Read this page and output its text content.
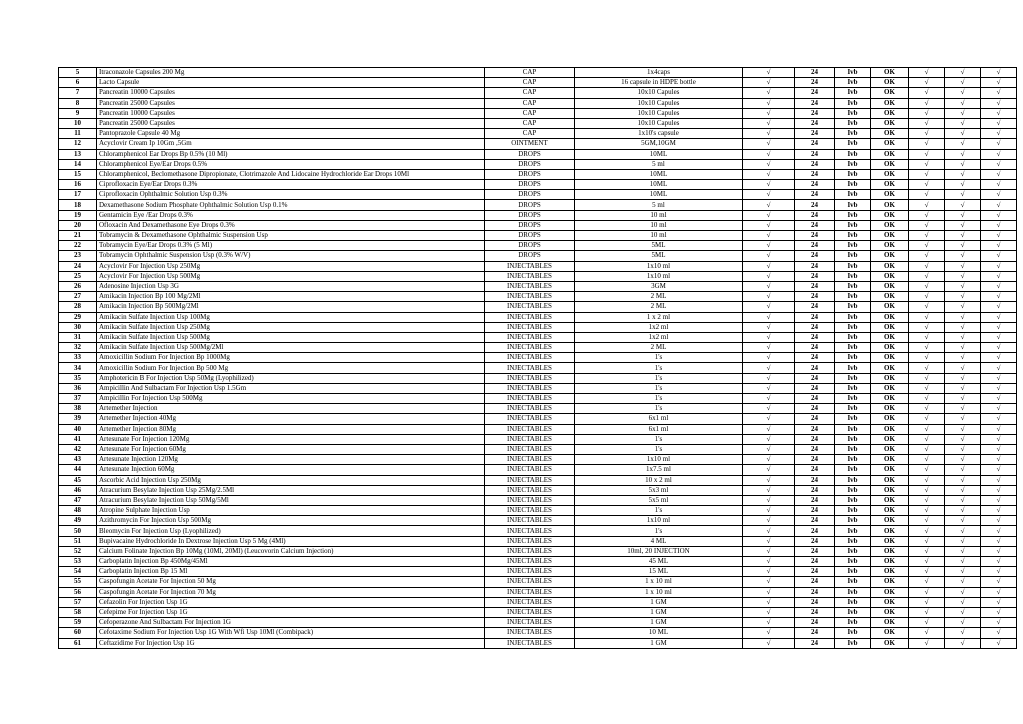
5	Itraconazole Capsules 200 Mg	CAP	1x4caps	√	24	Ivb	OK	√	√	√
6	Lacto Capsule	CAP	16 capsule in HDPE bottle	√	24	Ivb	OK	√	√	√
7	Pancreatin 10000 Capsules	CAP	10x10 Capules	√	24	Ivb	OK	√	√	√
8	Pancreatin 25000 Capsules	CAP	10x10 Capules	√	24	Ivb	OK	√	√	√
9	Pancreatin 10000 Capsules	CAP	10x10 Capules	√	24	Ivb	OK	√	√	√
10	Pancreatin 25000 Capsules	CAP	10x10 Capules	√	24	Ivb	OK	√	√	√
11	Pantoprazole Capsule 40 Mg	CAP	1x10's capsule	√	24	Ivb	OK	√	√	√
12	Acyclovir Cream Ip 10Gm ,5Gm	OINTMENT	5GM,10GM	√	24	Ivb	OK	√	√	√
13	Chloramphenicol Ear Drops Bp 0.5% (10 Ml)	DROPS	10ML	√	24	Ivb	OK	√	√	√
14	Chloramphenicol Eye/Ear Drops 0.5%	DROPS	5 ml	√	24	Ivb	OK	√	√	√
15	Chloramphenicol, Beclomethasone Dipropionate, Clotrimazole And Lidocaine Hydrochloride Ear Drops 10Ml	DROPS	10ML	√	24	Ivb	OK	√	√	√
16	Ciprofloxacin Eye/Ear Drops 0.3%	DROPS	10ML	√	24	Ivb	OK	√	√	√
17	Ciprofloxacin Ophthalmic Solution Usp 0.3%	DROPS	10ML	√	24	Ivb	OK	√	√	√
18	Dexamethasone Sodium Phosphate Ophthalmic Solution Usp 0.1%	DROPS	5 ml	√	24	Ivb	OK	√	√	√
19	Gentamicin Eye /Ear Drops 0.3%	DROPS	10 ml	√	24	Ivb	OK	√	√	√
20	Ofloxacin And Dexamethasone Eye Drops 0.3%	DROPS	10 ml	√	24	Ivb	OK	√	√	√
21	Tobramycin & Dexamethasone Ophthalmic Suspension Usp	DROPS	10 ml	√	24	Ivb	OK	√	√	√
22	Tobramycin Eye/Ear Drops 0.3% (5 Ml)	DROPS	5ML	√	24	Ivb	OK	√	√	√
23	Tobramycin Ophthalmic Suspension Usp (0.3% W/V)	DROPS	5ML	√	24	Ivb	OK	√	√	√
24	Acyclovir For Injection Usp 250Mg	INJECTABLES	1x10 ml	√	24	Ivb	OK	√	√	√
25	Acyclovir For Injection Usp 500Mg	INJECTABLES	1x10 ml	√	24	Ivb	OK	√	√	√
26	Adenosine Injection Usp 3G	INJECTABLES	3GM	√	24	Ivb	OK	√	√	√
27	Amikacin Injection Bp 100 Mg/2Ml	INJECTABLES	2 ML	√	24	Ivb	OK	√	√	√
28	Amikacin Injection Bp 500Mg/2Ml	INJECTABLES	2 ML	√	24	Ivb	OK	√	√	√
29	Amikacin Sulfate Injection Usp 100Mg	INJECTABLES	1 x 2 ml	√	24	Ivb	OK	√	√	√
30	Amikacin Sulfate Injection Usp 250Mg	INJECTABLES	1x2 ml	√	24	Ivb	OK	√	√	√
31	Amikacin Sulfate Injection Usp 500Mg	INJECTABLES	1x2 ml	√	24	Ivb	OK	√	√	√
32	Amikacin Sulfate Injection Usp 500Mg/2Ml	INJECTABLES	2 ML	√	24	Ivb	OK	√	√	√
33	Amoxicillin Sodium For Injection Bp 1000Mg	INJECTABLES	1's	√	24	Ivb	OK	√	√	√
34	Amoxicillin Sodium For Injection Bp 500 Mg	INJECTABLES	1's	√	24	Ivb	OK	√	√	√
35	Amphotericin B For Injection Usp 50Mg (Lyophilized)	INJECTABLES	1's	√	24	Ivb	OK	√	√	√
36	Ampicillin And Sulbactam For Injection Usp 1.5Gm	INJECTABLES	1's	√	24	Ivb	OK	√	√	√
37	Ampicillin For Injection Usp 500Mg	INJECTABLES	1's	√	24	Ivb	OK	√	√	√
38	Artemether Injection	INJECTABLES	1's	√	24	Ivb	OK	√	√	√
39	Artemether Injection 40Mg	INJECTABLES	6x1 ml	√	24	Ivb	OK	√	√	√
40	Artemether Injection 80Mg	INJECTABLES	6x1 ml	√	24	Ivb	OK	√	√	√
41	Artesunate For Injection 120Mg	INJECTABLES	1's	√	24	Ivb	OK	√	√	√
42	Artesunate For Injection 60Mg	INJECTABLES	1's	√	24	Ivb	OK	√	√	√
43	Artesunate Injection 120Mg	INJECTABLES	1x10 ml	√	24	Ivb	OK	√	√	√
44	Artesunate Injection 60Mg	INJECTABLES	1x7.5 ml	√	24	Ivb	OK	√	√	√
45	Ascorbic Acid Injection Usp 250Mg	INJECTABLES	10 x 2 ml	√	24	Ivb	OK	√	√	√
46	Atracurium Besylate Injection Usp 25Mg/2.5Ml	INJECTABLES	5x3 ml	√	24	Ivb	OK	√	√	√
47	Atracurium Besylate Injection Usp 50Mg/5Ml	INJECTABLES	5x5 ml	√	24	Ivb	OK	√	√	√
48	Atropine Sulphate Injection Usp	INJECTABLES	1's	√	24	Ivb	OK	√	√	√
49	Azithromycin For Injection Usp 500Mg	INJECTABLES	1x10 ml	√	24	Ivb	OK	√	√	√
50	Bleomycin For Injection Usp (Lyophilized)	INJECTABLES	1's	√	24	Ivb	OK	√	√	√
51	Bupivacaine Hydrochloride In Dextrose Injection Usp 5 Mg (4Ml)	INJECTABLES	4 ML	√	24	Ivb	OK	√	√	√
52	Calcium Folinate Injection Bp 10Mg (10Ml, 20Ml) (Leucovorin Calcium Injection)	INJECTABLES	10ml, 20 INJECTION	√	24	Ivb	OK	√	√	√
53	Carboplatin Injection Bp 450Mg/45Ml	INJECTABLES	45 ML	√	24	Ivb	OK	√	√	√
54	Carboplatin Injection Bp 15 Ml	INJECTABLES	15 ML	√	24	Ivb	OK	√	√	√
55	Caspofungin Acetate For Injection 50 Mg	INJECTABLES	1 x 10 ml	√	24	Ivb	OK	√	√	√
56	Caspofungin Acetate For Injection 70 Mg	INJECTABLES	1 x 10 ml	√	24	Ivb	OK	√	√	√
57	Cefazolin For Injection Usp 1G	INJECTABLES	1 GM	√	24	Ivb	OK	√	√	√
58	Cefepime For Injection Usp 1G	INJECTABLES	1 GM	√	24	Ivb	OK	√	√	√
59	Cefoperazone And Sulbactam For Injection 1G	INJECTABLES	1 GM	√	24	Ivb	OK	√	√	√
60	Cefotaxime Sodium For Injection Usp 1G With Wfi Usp 10Ml (Combipack)	INJECTABLES	10 ML	√	24	Ivb	OK	√	√	√
61	Ceftazidime For Injection Usp 1G	INJECTABLES	1 GM	√	24	Ivb	OK	√	√	√
